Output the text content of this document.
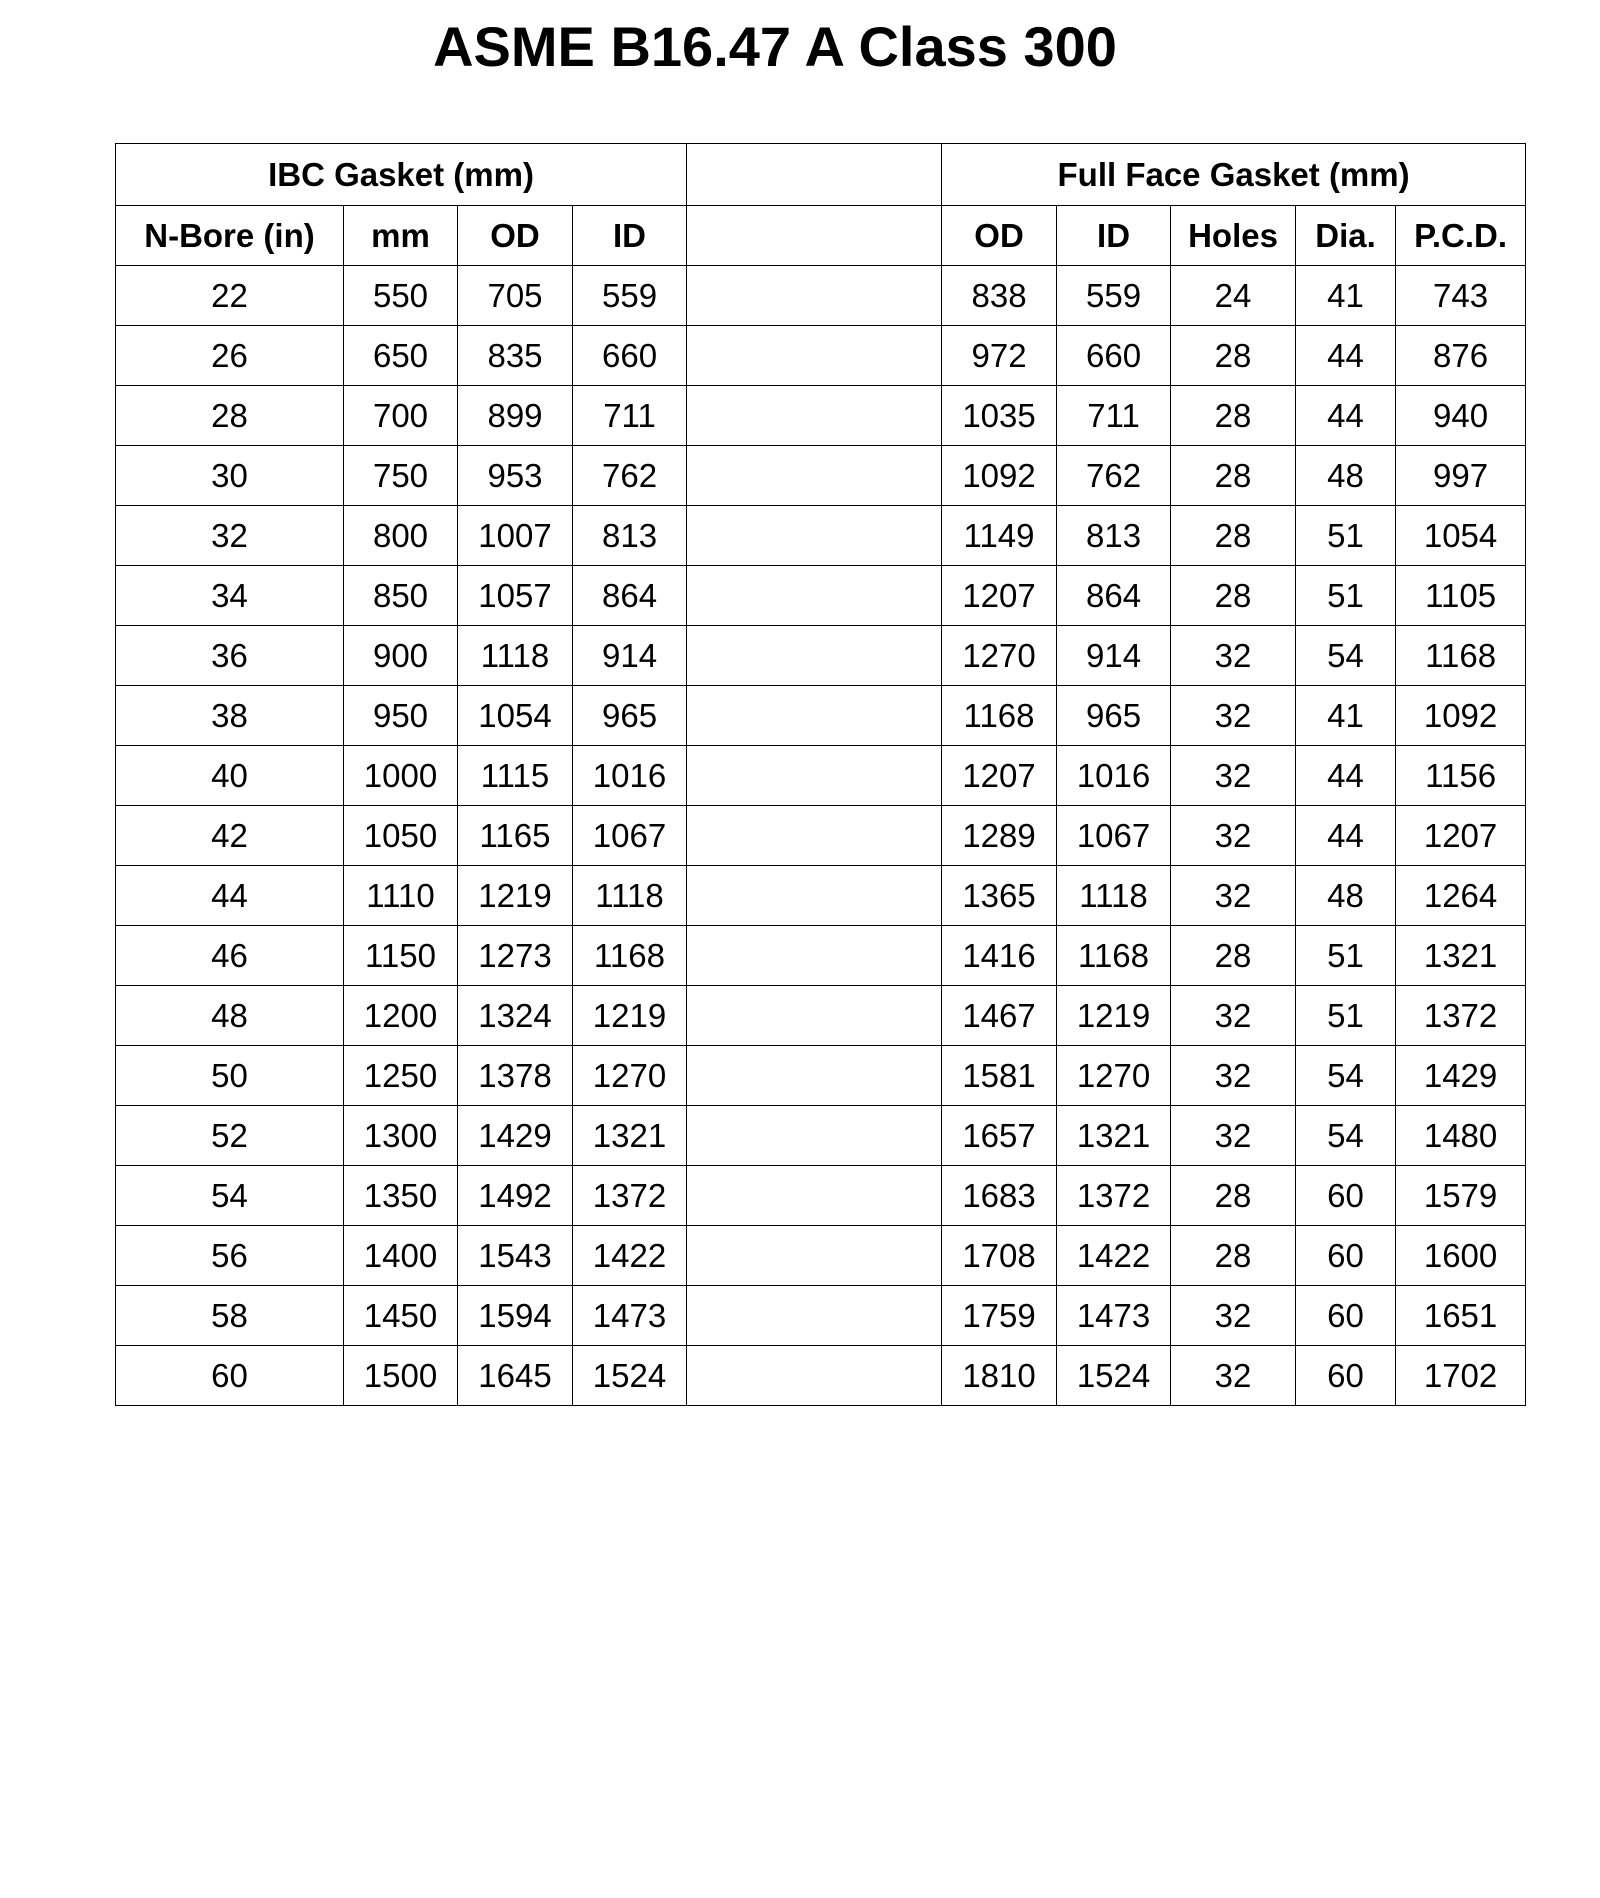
ASME B16.47 A Class 300
IBC Gasket (mm)					Full Face Gasket (mm)				
N-Bore (in)	mm	OD	ID		OD	ID	Holes	Dia.	P.C.D.
22	550	705	559		838	559	24	41	743
26	650	835	660		972	660	28	44	876
28	700	899	711		1035	711	28	44	940
30	750	953	762		1092	762	28	48	997
32	800	1007	813		1149	813	28	51	1054
34	850	1057	864		1207	864	28	51	1105
36	900	1118	914		1270	914	32	54	1168
38	950	1054	965		1168	965	32	41	1092
40	1000	1115	1016		1207	1016	32	44	1156
42	1050	1165	1067		1289	1067	32	44	1207
44	1110	1219	1118		1365	1118	32	48	1264
46	1150	1273	1168		1416	1168	28	51	1321
48	1200	1324	1219		1467	1219	32	51	1372
50	1250	1378	1270		1581	1270	32	54	1429
52	1300	1429	1321		1657	1321	32	54	1480
54	1350	1492	1372		1683	1372	28	60	1579
56	1400	1543	1422		1708	1422	28	60	1600
58	1450	1594	1473		1759	1473	32	60	1651
60	1500	1645	1524		1810	1524	32	60	1702
